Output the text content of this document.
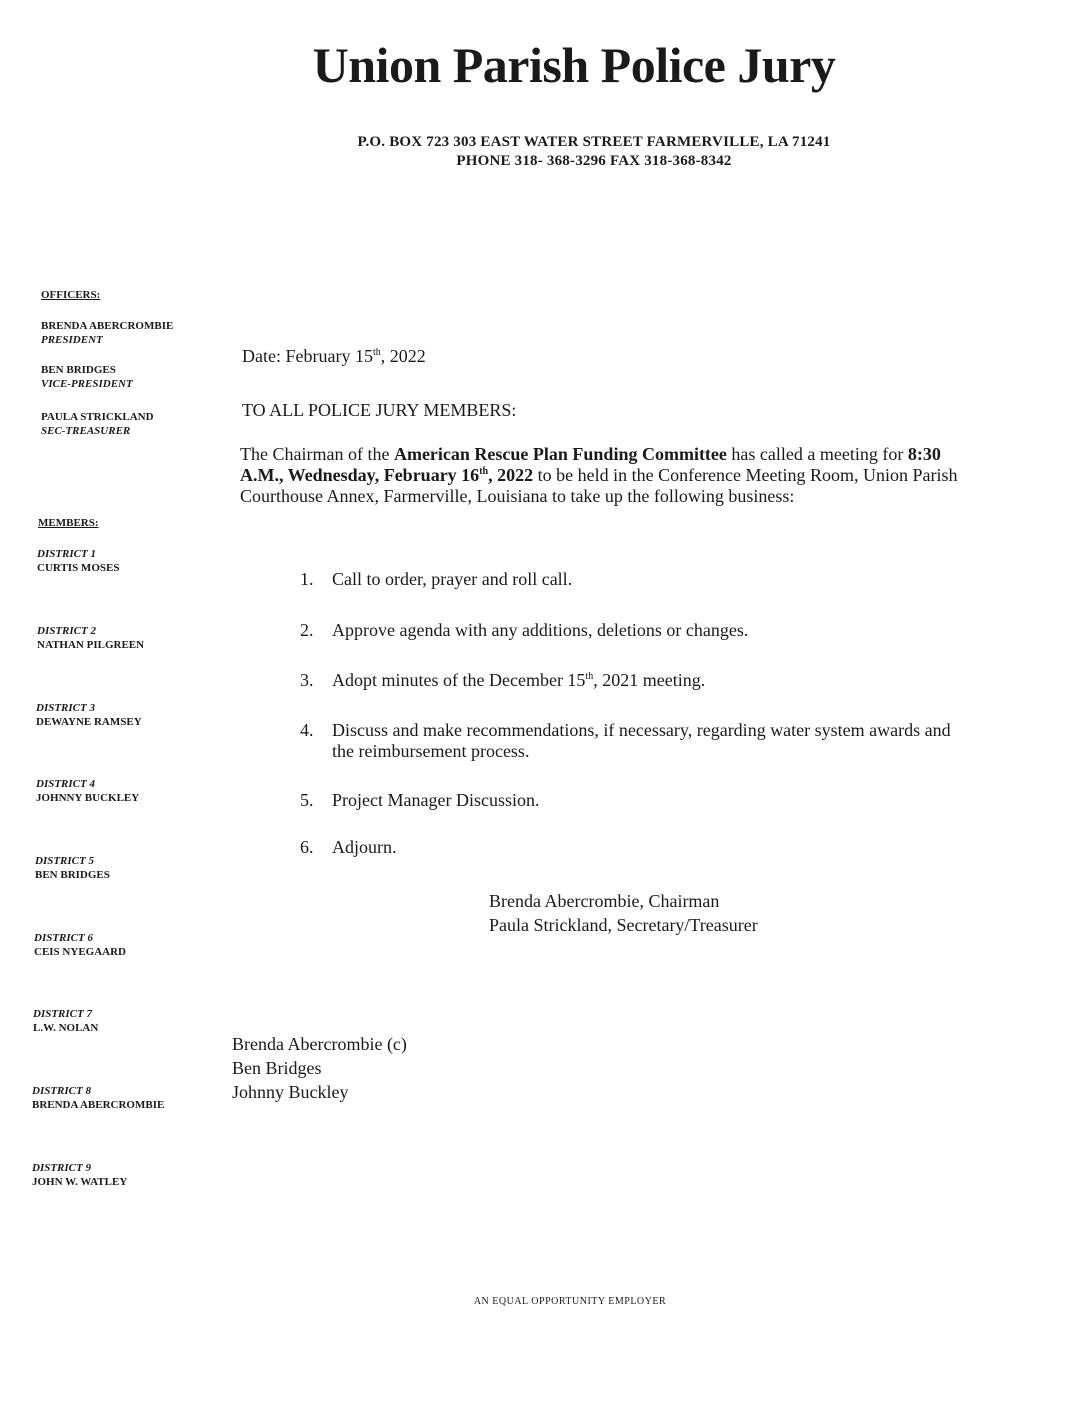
Union Parish Police Jury
P.O. BOX 723 303 EAST WATER STREET FARMERVILLE, LA 71241
PHONE 318- 368-3296 FAX 318-368-8342
OFFICERS:
BRENDA ABERCROMBIE
PRESIDENT
BEN BRIDGES
VICE-PRESIDENT
PAULA STRICKLAND
SEC-TREASURER
MEMBERS:
DISTRICT 1
CURTIS MOSES
DISTRICT 2
NATHAN PILGREEN
DISTRICT 3
DEWAYNE RAMSEY
DISTRICT 4
JOHNNY BUCKLEY
DISTRICT 5
BEN BRIDGES
DISTRICT 6
CEIS NYEGAARD
DISTRICT 7
L.W. NOLAN
DISTRICT 8
BRENDA ABERCROMBIE
DISTRICT 9
JOHN W. WATLEY
Date: February 15th, 2022
TO ALL POLICE JURY MEMBERS:
The Chairman of the American Rescue Plan Funding Committee has called a meeting for 8:30 A.M., Wednesday, February 16th, 2022 to be held in the Conference Meeting Room, Union Parish Courthouse Annex, Farmerville, Louisiana to take up the following business:
1.	Call to order, prayer and roll call.
2.	Approve agenda with any additions, deletions or changes.
3.	Adopt minutes of the December 15th, 2021 meeting.
4.	Discuss and make recommendations, if necessary, regarding water system awards and the reimbursement process.
5.	Project Manager Discussion.
6.	Adjourn.
Brenda Abercrombie, Chairman
Paula Strickland, Secretary/Treasurer
Brenda Abercrombie (c)
Ben Bridges
Johnny Buckley
AN EQUAL OPPORTUNITY EMPLOYER
